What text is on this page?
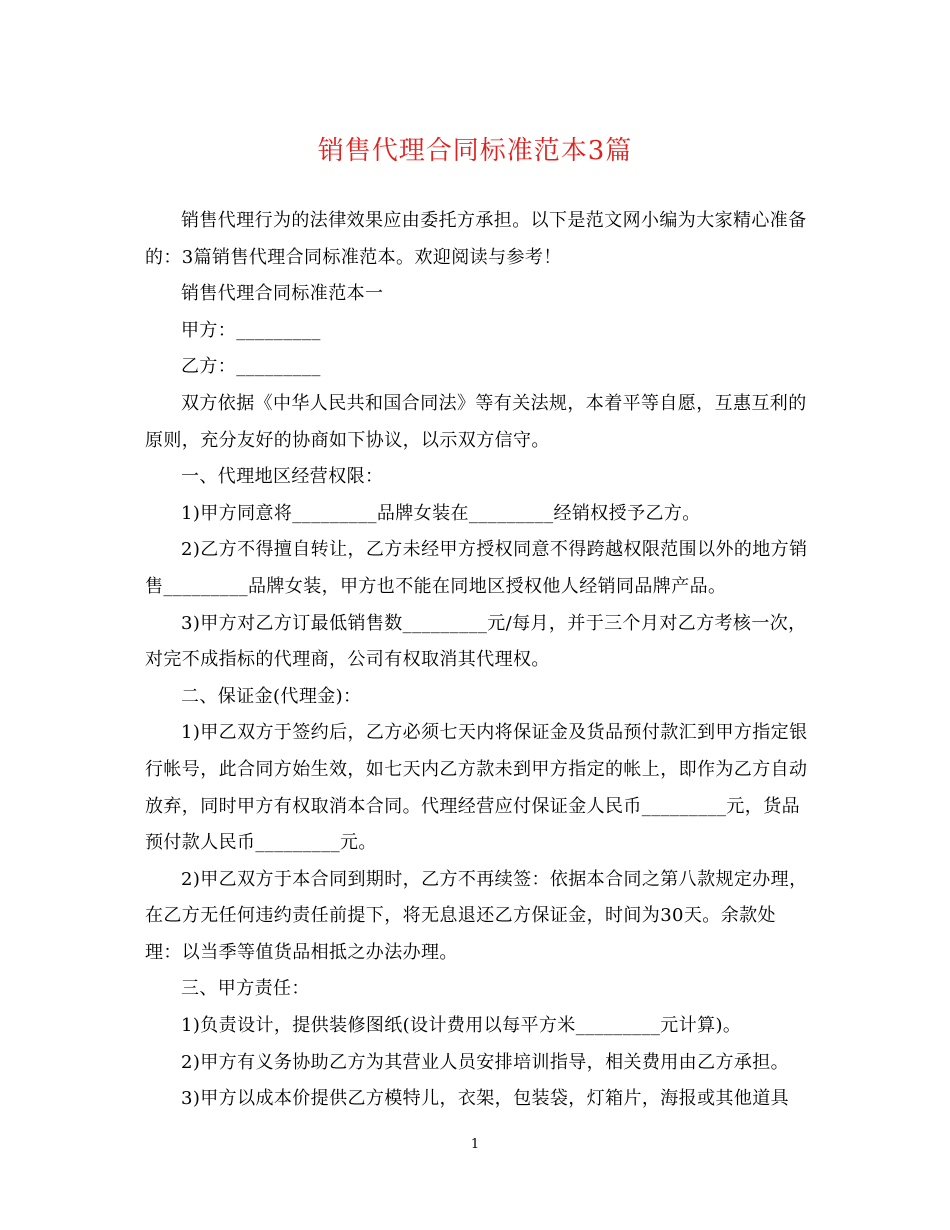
销售代理合同标准范本3篇

销售代理行为的法律效果应由委托方承担。以下是范文网小编为大家精心准备的：3篇销售代理合同标准范本。欢迎阅读与参考！

销售代理合同标准范本一

甲方：_________

乙方：_________

双方依据《中华人民共和国合同法》等有关法规，本着平等自愿，互惠互利的原则，充分友好的协商如下协议，以示双方信守。

一、代理地区经营权限：

1)甲方同意将_________品牌女装在_________经销权授予乙方。

2)乙方不得擅自转让，乙方未经甲方授权同意不得跨越权限范围以外的地方销售_________品牌女装，甲方也不能在同地区授权他人经销同品牌产品。

3)甲方对乙方订最低销售数_________元/每月，并于三个月对乙方考核一次，对完不成指标的代理商，公司有权取消其代理权。

二、保证金(代理金)：

1)甲乙双方于签约后，乙方必须七天内将保证金及货品预付款汇到甲方指定银行帐号，此合同方始生效，如七天内乙方款未到甲方指定的帐上，即作为乙方自动放弃，同时甲方有权取消本合同。代理经营应付保证金人民币_________元，货品预付款人民币_________元。

2)甲乙双方于本合同到期时，乙方不再续签：依据本合同之第八款规定办理，在乙方无任何违约责任前提下，将无息退还乙方保证金，时间为30天。余款处理：以当季等值货品相抵之办法办理。

三、甲方责任：

1)负责设计，提供装修图纸(设计费用以每平方米_________元计算)。

2)甲方有义务协助乙方为其营业人员安排培训指导，相关费用由乙方承担。

3)甲方以成本价提供乙方模特儿，衣架，包装袋，灯箱片，海报或其他道具

1
